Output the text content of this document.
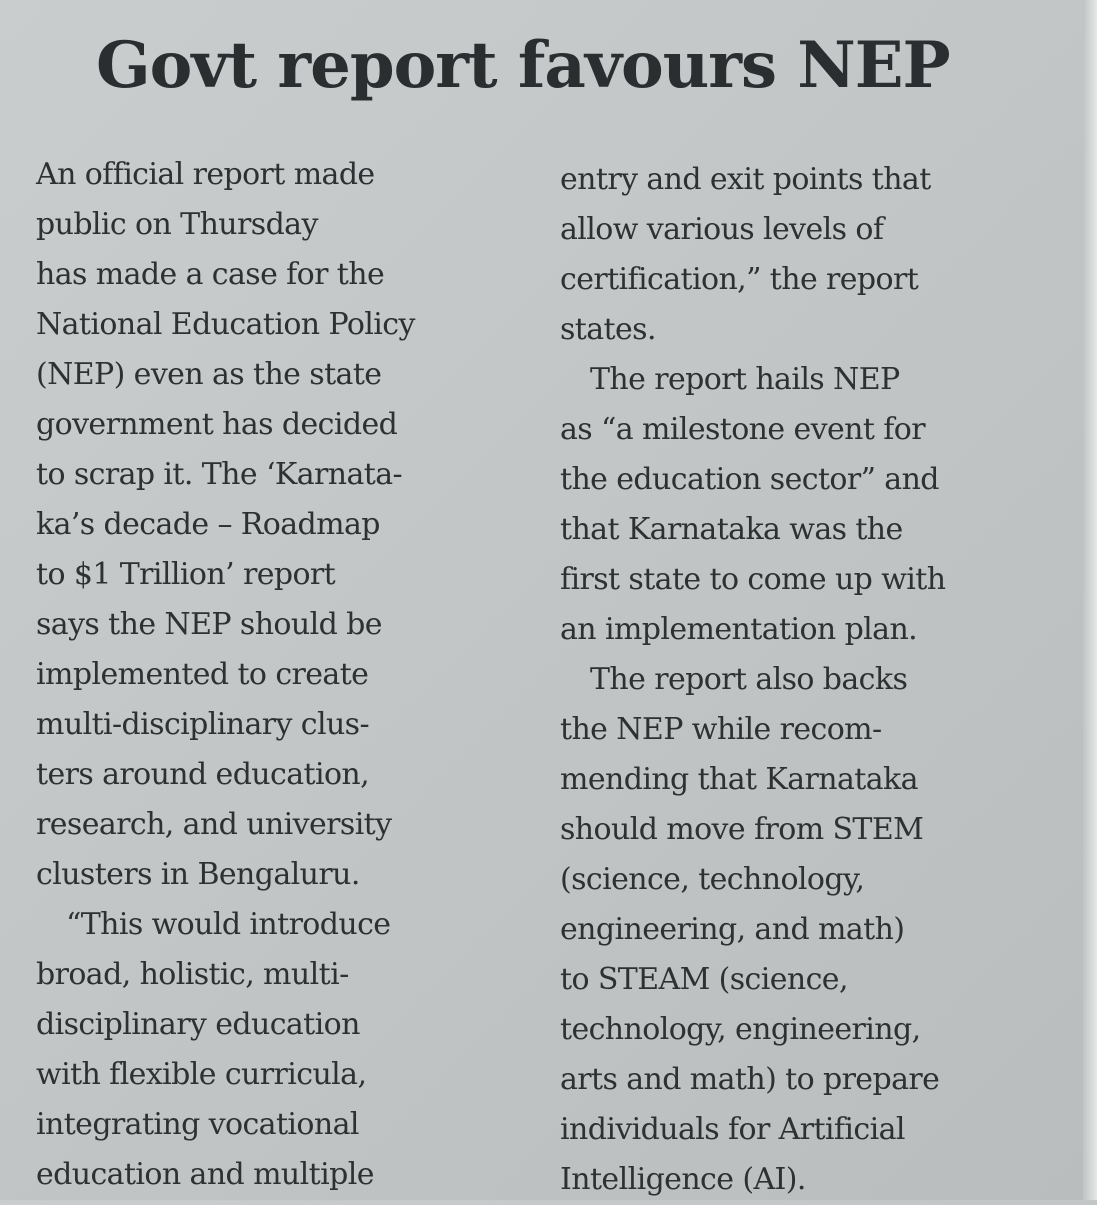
Govt report favours NEP
An official report made
public on Thursday
has made a case for the
National Education Policy
(NEP) even as the state
government has decided
to scrap it. The ‘Karnata-
ka’s decade – Roadmap
to $1 Trillion’ report
says the NEP should be
implemented to create
multi-disciplinary clus-
ters around education,
research, and university
clusters in Bengaluru.
“This would introduce
broad, holistic, multi-
disciplinary education
with flexible curricula,
integrating vocational
education and multiple
entry and exit points that
allow various levels of
certification,” the report
states.
The report hails NEP
as “a milestone event for
the education sector” and
that Karnataka was the
first state to come up with
an implementation plan.
The report also backs
the NEP while recom-
mending that Karnataka
should move from STEM
(science, technology,
engineering, and math)
to STEAM (science,
technology, engineering,
arts and math) to prepare
individuals for Artificial
Intelligence (AI).
